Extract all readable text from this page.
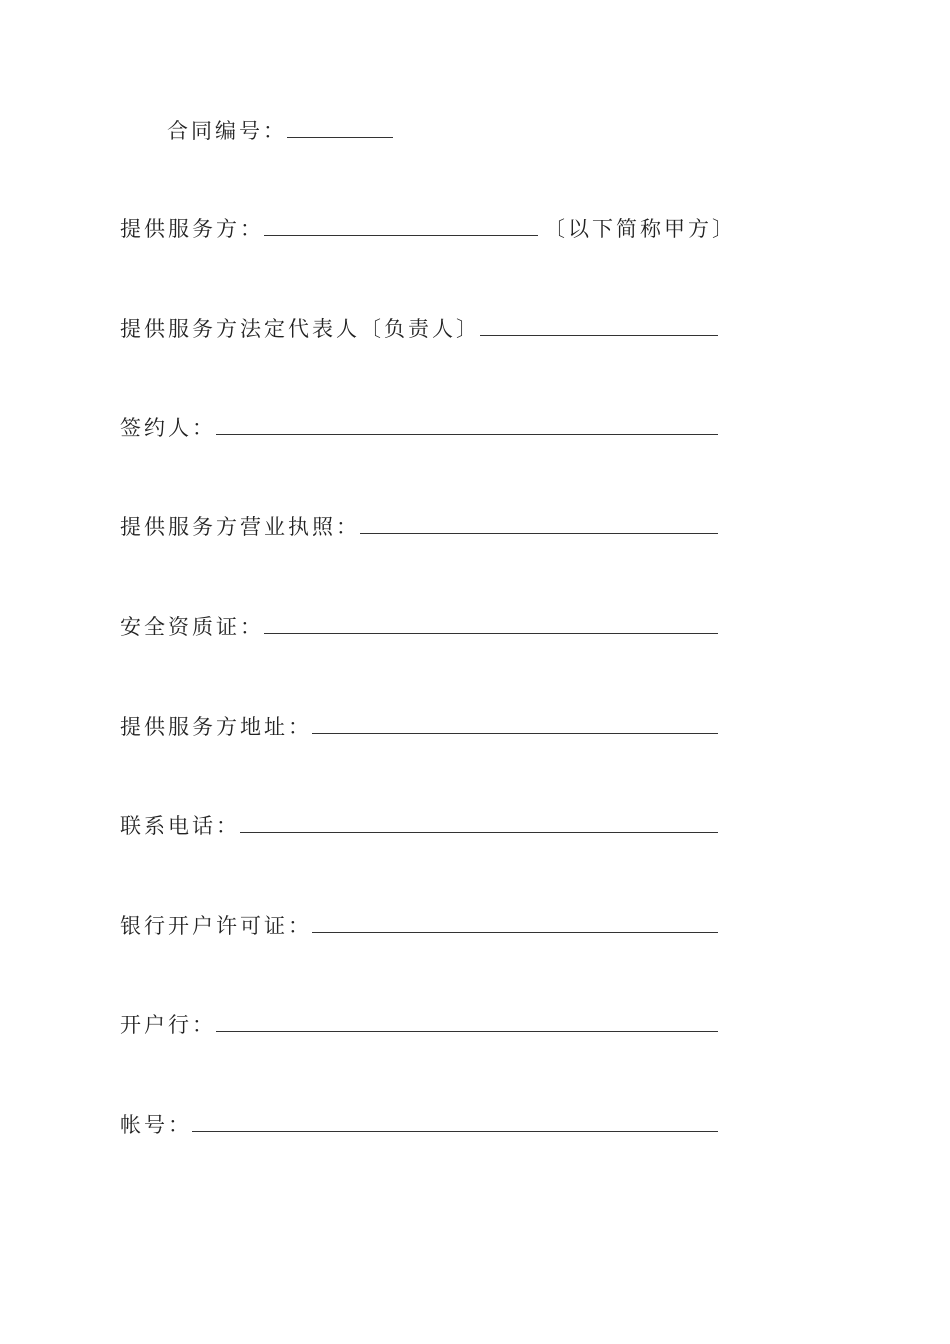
合同编号：
提供服务方：	〔以下简称甲方〕
提供服务方法定代表人〔负责人〕
签约人：
提供服务方营业执照：
安全资质证：
提供服务方地址：
联系电话：
银行开户许可证：
开户行：
帐号：
